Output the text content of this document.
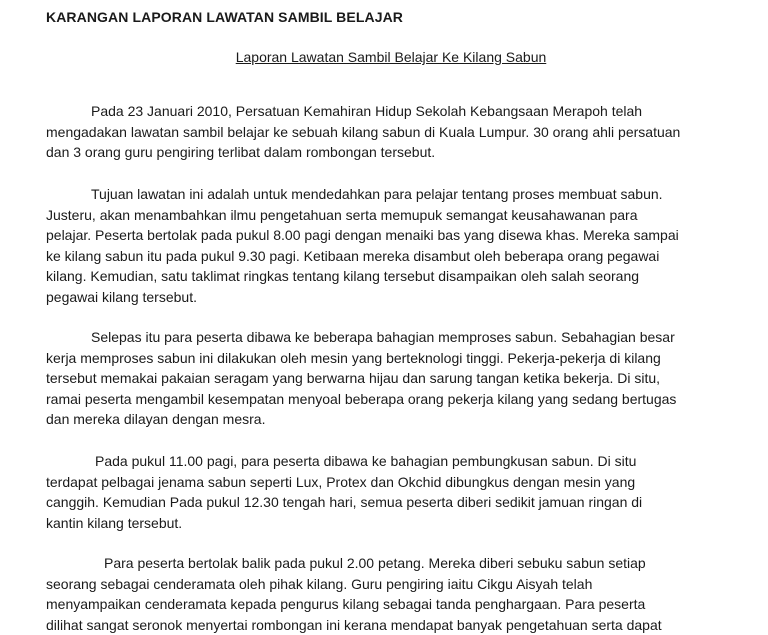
KARANGAN LAPORAN LAWATAN SAMBIL BELAJAR
Laporan Lawatan Sambil Belajar Ke Kilang Sabun

Pada 23 Januari 2010, Persatuan Kemahiran Hidup Sekolah Kebangsaan Merapoh telah
mengadakan lawatan sambil belajar ke sebuah kilang sabun di Kuala Lumpur. 30 orang ahli persatuan
dan 3 orang guru pengiring terlibat dalam rombongan tersebut.

Tujuan lawatan ini adalah untuk mendedahkan para pelajar tentang proses membuat sabun.
Justeru, akan menambahkan ilmu pengetahuan serta memupuk semangat keusahawanan para
pelajar. Peserta bertolak pada pukul 8.00 pagi dengan menaiki bas yang disewa khas. Mereka sampai
ke kilang sabun itu pada pukul 9.30 pagi. Ketibaan mereka disambut oleh beberapa orang pegawai
kilang. Kemudian, satu taklimat ringkas tentang kilang tersebut disampaikan oleh salah seorang
pegawai kilang tersebut.

Selepas itu para peserta dibawa ke beberapa bahagian memproses sabun. Sebahagian besar
kerja memproses sabun ini dilakukan oleh mesin yang berteknologi tinggi. Pekerja-pekerja di kilang
tersebut memakai pakaian seragam yang berwarna hijau dan sarung tangan ketika bekerja. Di situ,
ramai peserta mengambil kesempatan menyoal beberapa orang pekerja kilang yang sedang bertugas
dan mereka dilayan dengan mesra.

Pada pukul 11.00 pagi, para peserta dibawa ke bahagian pembungkusan sabun. Di situ
terdapat pelbagai jenama sabun seperti Lux, Protex dan Okchid dibungkus dengan mesin yang
canggih. Kemudian Pada pukul 12.30 tengah hari, semua peserta diberi sedikit jamuan ringan di
kantin kilang tersebut.

Para peserta bertolak balik pada pukul 2.00 petang. Mereka diberi sebuku sabun setiap
seorang sebagai cenderamata oleh pihak kilang. Guru pengiring iaitu Cikgu Aisyah telah
menyampaikan cenderamata kepada pengurus kilang sebagai tanda penghargaan. Para peserta
dilihat sangat seronok menyertai rombongan ini kerana mendapat banyak pengetahuan serta dapat
